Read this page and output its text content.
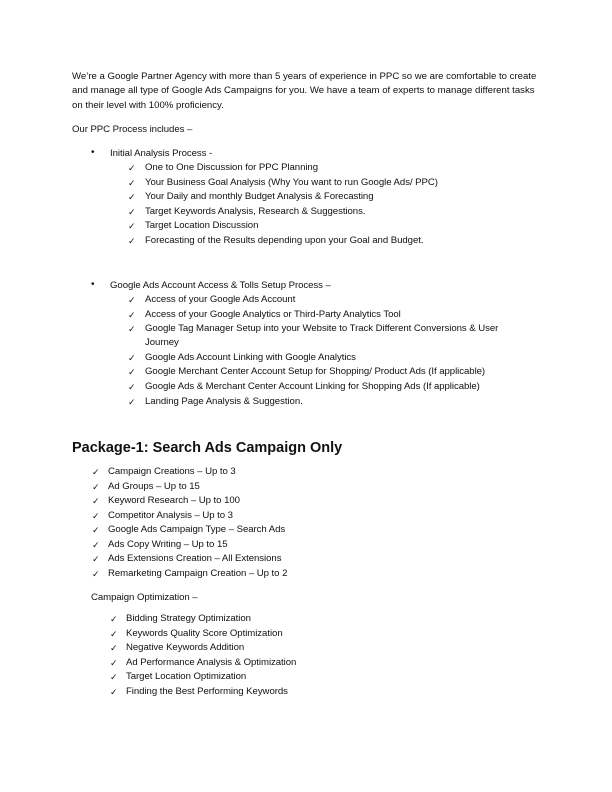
We’re a Google Partner Agency with more than 5 years of experience in PPC so we are comfortable to create and manage all type of Google Ads Campaigns for you. We have a team of experts to manage different tasks on their level with 100% proficiency.
Our PPC Process includes –
• Initial Analysis Process -
✓ One to One Discussion for PPC Planning
✓ Your Business Goal Analysis (Why You want to run Google Ads/ PPC)
✓ Your Daily and monthly Budget Analysis & Forecasting
✓ Target Keywords Analysis, Research & Suggestions.
✓ Target Location Discussion
✓ Forecasting of the Results depending upon your Goal and Budget.
• Google Ads Account Access & Tolls Setup Process –
✓ Access of your Google Ads Account
✓ Access of your Google Analytics or Third-Party Analytics Tool
✓ Google Tag Manager Setup into your Website to Track Different Conversions & User
Journey
✓ Google Ads Account Linking with Google Analytics
✓ Google Merchant Center Account Setup for Shopping/ Product Ads (If applicable)
✓ Google Ads & Merchant Center Account Linking for Shopping Ads (If applicable)
✓ Landing Page Analysis & Suggestion.
Package-1: Search Ads Campaign Only
✓ Campaign Creations – Up to 3
✓ Ad Groups – Up to 15
✓ Keyword Research – Up to 100
✓ Competitor Analysis – Up to 3
✓ Google Ads Campaign Type – Search Ads
✓ Ads Copy Writing – Up to 15
✓ Ads Extensions Creation – All Extensions
✓ Remarketing Campaign Creation – Up to 2
Campaign Optimization –
✓ Bidding Strategy Optimization
✓ Keywords Quality Score Optimization
✓ Negative Keywords Addition
✓ Ad Performance Analysis & Optimization
✓ Target Location Optimization
✓ Finding the Best Performing Keywords
